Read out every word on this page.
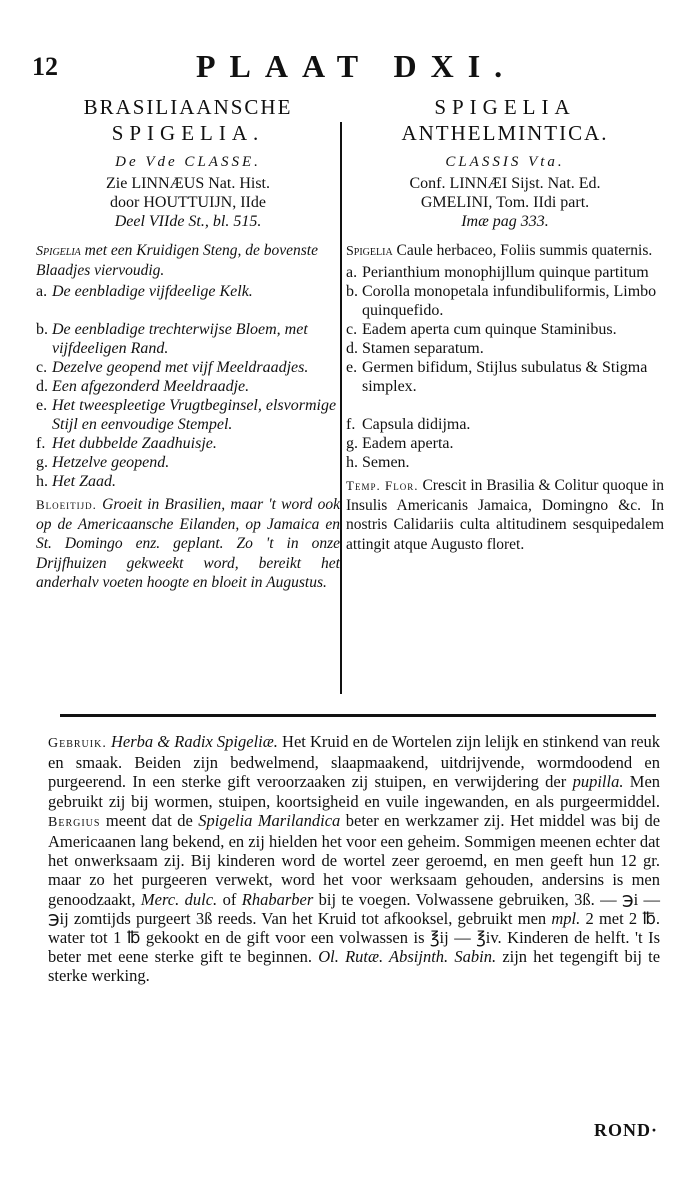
12	PLAAT DXI.

BRASILIAANSCHE

SPIGELIA.

De Vde CLASSE.

Zie LINNÆUS Nat. Hist.

door HOUTTUIJN, IIde

Deel VIIde St., bl. 515.

Spigelia met een Kruidigen Steng, de bovenste Blaadjes viervoudig.

a. De eenbladige vijfdeelige Kelk.
b. De eenbladige trechterwijse Bloem, met vijfdeeligen Rand.
c. Dezelve geopend met vijf Meeldraadjes.
d. Een afgezonderd Meeldraadje.
e. Het tweespleetige Vrugtbeginsel, elsvormige Stijl en eenvoudige Stempel.
f. Het dubbelde Zaadhuisje.
g. Hetzelve geopend.
h. Het Zaad.

Bloeitijd. Groeit in Brasilien, maar 't word ook op de Americaansche Eilanden, op Jamaica en St. Domingo enz. geplant. Zo 't in onze Drijfhuizen gekweekt word, bereikt het anderhalv voeten hoogte en bloeit in Augustus.

SPIGELIA

ANTHELMINTICA.

CLASSIS Vta.

Conf. LINNÆI Sijst. Nat. Ed.

GMELINI, Tom. IIdi part.

Imæ pag 333.

Spigelia Caule herbaceo, Foliis summis quaternis.

a. Perianthium monophijllum quinque partitum
b. Corolla monopetala infundibuliformis, Limbo quinquefido.
c. Eadem aperta cum quinque Staminibus.
d. Stamen separatum.
e. Germen bifidum, Stijlus subulatus & Stigma simplex.
f. Capsula didijma.
g. Eadem aperta.
h. Semen.

Temp. Flor. Crescit in Brasilia & Colitur quoque in Insulis Americanis Jamaica, Domingno &c. In nostris Calidariis culta altitudinem sesquipedalem attingit atque Augusto floret.

Gebruik. Herba & Radix Spigeliæ. Het Kruid en de Wortelen zijn lelijk en stinkend van reuk en smaak. Beiden zijn bedwelmend, slaapmaakend, uitdrijvende, wormdoodend en purgeerend. In een sterke gift veroorzaaken zij stuipen, en verwijdering der pupilla. Men gebruikt zij bij wormen, stuipen, koortsigheid en vuile ingewanden, en als purgeermiddel. Bergius meent dat de Spigelia Marilandica beter en werkzamer zij. Het middel was bij de Americaanen lang bekend, en zij hielden het voor een geheim. Sommigen meenen echter dat het onwerksaam zij. Bij kinderen word de wortel zeer geroemd, en men geeft hun 12 gr. maar zo het purgeeren verwekt, word het voor werksaam gehouden, andersins is men genoodzaakt, Merc. dulc. of Rhabarber bij te voegen. Volwassene gebruiken, 3ß. — ℈i — ℈ij zomtijds purgeert 3ß reeds. Van het Kruid tot afkooksel, gebruikt men mpl. 2 met 2 ℔. water tot 1 ℔ gekookt en de gift voor een volwassen is ℥ij — ℥iv. Kinderen de helft. 't Is beter met eene sterke gift te beginnen. Ol. Rutæ. Absijnth. Sabin. zijn het tegengift bij te sterke werking.

ROND·
